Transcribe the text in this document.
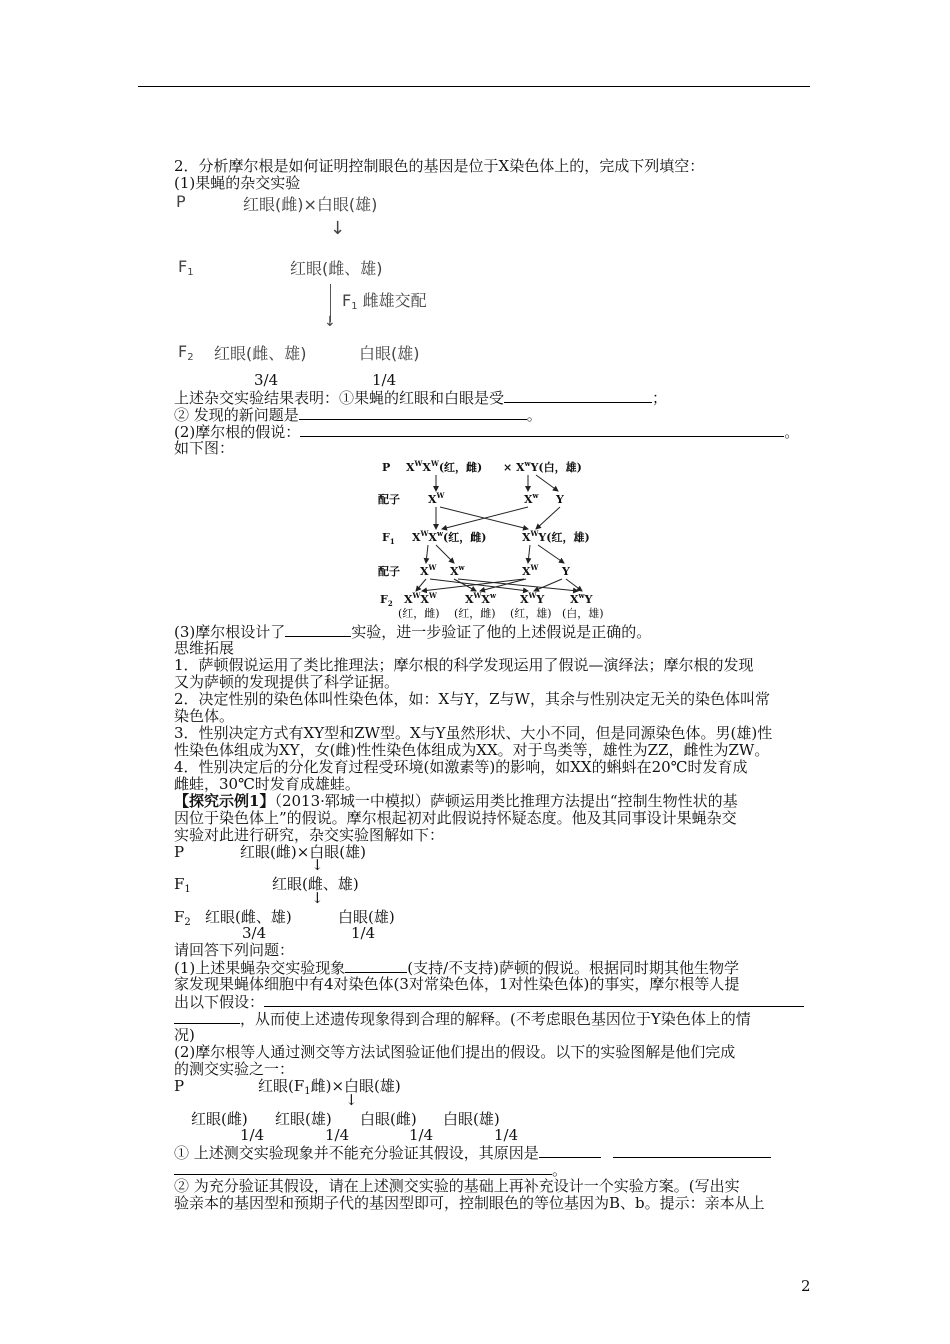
2．分析摩尔根是如何证明控制眼色的基因是位于X染色体上的，完成下列填空：
(1)果蝇的杂交实验
P	红眼(雌)×白眼(雄)
↓
$F_1$	红眼(雌、雄)
↓
$F_1$ 雌雄交配
$F_2$ 红眼(雌、雄)	白眼(雄)
3/4	1/4
上述杂交实验结果表明：①果蝇的红眼和白眼是受	；
② 发现的新问题是	。
(2)摩尔根的假说：	。
如下图：
P $X^WX^W$(红，雌) × $X^wY$(白，雄)
配子	$X^W$	$X^w$ Y
$F_1$ $X^WX^w$(红，雌)	$X^WY$(红，雄)
配子 $X^W$ $X^w$	$X^W$ Y
$F_2$ $X^WX^W$	$X^WX^w$ $X^WY$ $X^wY$
(红，雌) (红，雌) (红，雄) (白，雄)
(3)摩尔根设计了	实验，进一步验证了他的上述假说是正确的。
思维拓展
1．萨顿假说运用了类比推理法；摩尔根的科学发现运用了假说—演绎法；摩尔根的发现
又为萨顿的发现提供了科学证据。
2．决定性别的染色体叫性染色体，如：X与Y，Z与W，其余与性别决定无关的染色体叫常
染色体。
3．性别决定方式有XY型和ZW型。X与Y虽然形状、大小不同，但是同源染色体。男(雄)性
性染色体组成为XY，女(雌)性性染色体组成为XX。对于鸟类等，雄性为ZZ，雌性为ZW。
4．性别决定后的分化发育过程受环境(如激素等)的影响，如XX的蝌蚪在20℃时发育成
雌蛙，30℃时发育成雄蛙。
【探究示例1】（2013·郓城一中模拟）萨顿运用类比推理方法提出“控制生物性状的基
因位于染色体上”的假说。摩尔根起初对此假说持怀疑态度。他及其同事设计果蝇杂交
实验对此进行研究，杂交实验图解如下：
P	红眼(雌)×白眼(雄)
↓
$F_1$	红眼(雌、雄)
↓
$F_2$ 红眼(雌、雄)	白眼(雄)
3/4	1/4
请回答下列问题：
(1)上述果蝇杂交实验现象	(支持/不支持)萨顿的假说。根据同时期其他生物学
家发现果蝇体细胞中有4对染色体(3对常染色体，1对性染色体)的事实，摩尔根等人提
出以下假设：
，从而使上述遗传现象得到合理的解释。(不考虑眼色基因位于Y染色体上的情
况)
(2)摩尔根等人通过测交等方法试图验证他们提出的假设。以下的实验图解是他们完成
的测交实验之一：
P	红眼($F_1$雌)×白眼(雄)
↓
红眼(雌) 红眼(雄) 白眼(雌) 白眼(雄)
1/4	1/4	1/4	1/4
① 上述测交实验现象并不能充分验证其假设，其原因是
。
② 为充分验证其假设，请在上述测交实验的基础上再补充设计一个实验方案。(写出实
验亲本的基因型和预期子代的基因型即可，控制眼色的等位基因为B、b。提示：亲本从上
2
